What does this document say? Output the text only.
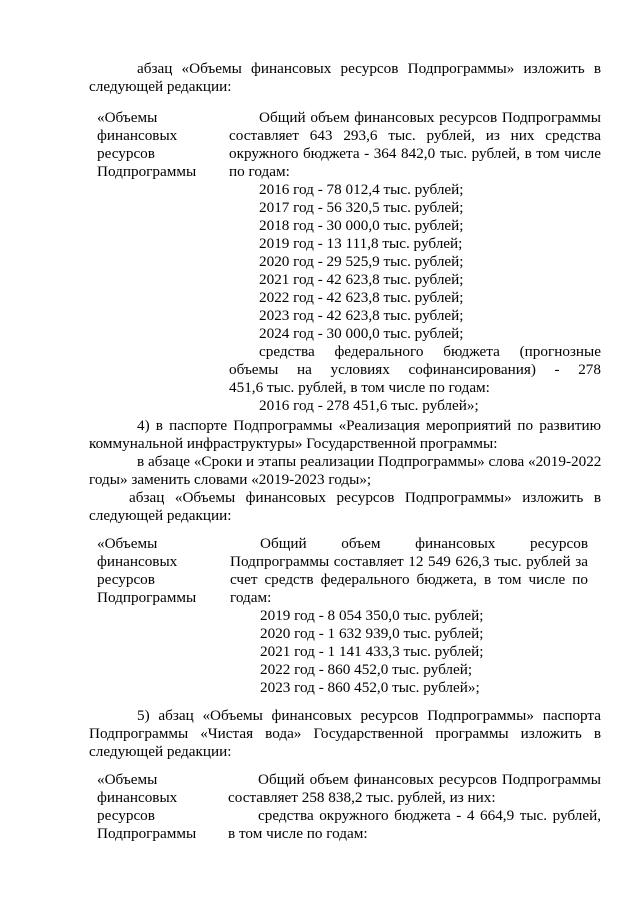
абзац «Объемы финансовых ресурсов Подпрограммы» изложить в
следующей редакции:
«Объемы
финансовых
ресурсов
Подпрограммы
Общий объем финансовых ресурсов Подпрограммы
составляет 643 293,6 тыс. рублей, из них средства
окружного бюджета - 364 842,0 тыс. рублей, в том числе
по годам:
2016 год - 78 012,4 тыс. рублей;
2017 год - 56 320,5 тыс. рублей;
2018 год - 30 000,0 тыс. рублей;
2019 год - 13 111,8 тыс. рублей;
2020 год - 29 525,9 тыс. рублей;
2021 год - 42 623,8 тыс. рублей;
2022 год - 42 623,8 тыс. рублей;
2023 год - 42 623,8 тыс. рублей;
2024 год - 30 000,0 тыс. рублей;
средства федерального бюджета (прогнозные
объемы на условиях софинансирования) - 278
451,6 тыс. рублей, в том числе по годам:
2016 год - 278 451,6 тыс. рублей»;
4) в паспорте Подпрограммы «Реализация мероприятий по развитию
коммунальной инфраструктуры» Государственной программы:
в абзаце «Сроки и этапы реализации Подпрограммы» слова «2019-2022
годы» заменить словами «2019-2023 годы»;
абзац «Объемы финансовых ресурсов Подпрограммы» изложить в
следующей редакции:
«Объемы
финансовых
ресурсов
Подпрограммы
Общий объем финансовых ресурсов
Подпрограммы составляет 12 549 626,3 тыс. рублей за
счет средств федерального бюджета, в том числе по
годам:
2019 год - 8 054 350,0 тыс. рублей;
2020 год - 1 632 939,0 тыс. рублей;
2021 год - 1 141 433,3 тыс. рублей;
2022 год - 860 452,0 тыс. рублей;
2023 год - 860 452,0 тыс. рублей»;
5) абзац «Объемы финансовых ресурсов Подпрограммы» паспорта
Подпрограммы «Чистая вода» Государственной программы изложить в
следующей редакции:
«Объемы
финансовых
ресурсов
Подпрограммы
Общий объем финансовых ресурсов Подпрограммы
составляет 258 838,2 тыс. рублей, из них:
средства окружного бюджета - 4 664,9 тыс. рублей,
в том числе по годам:
